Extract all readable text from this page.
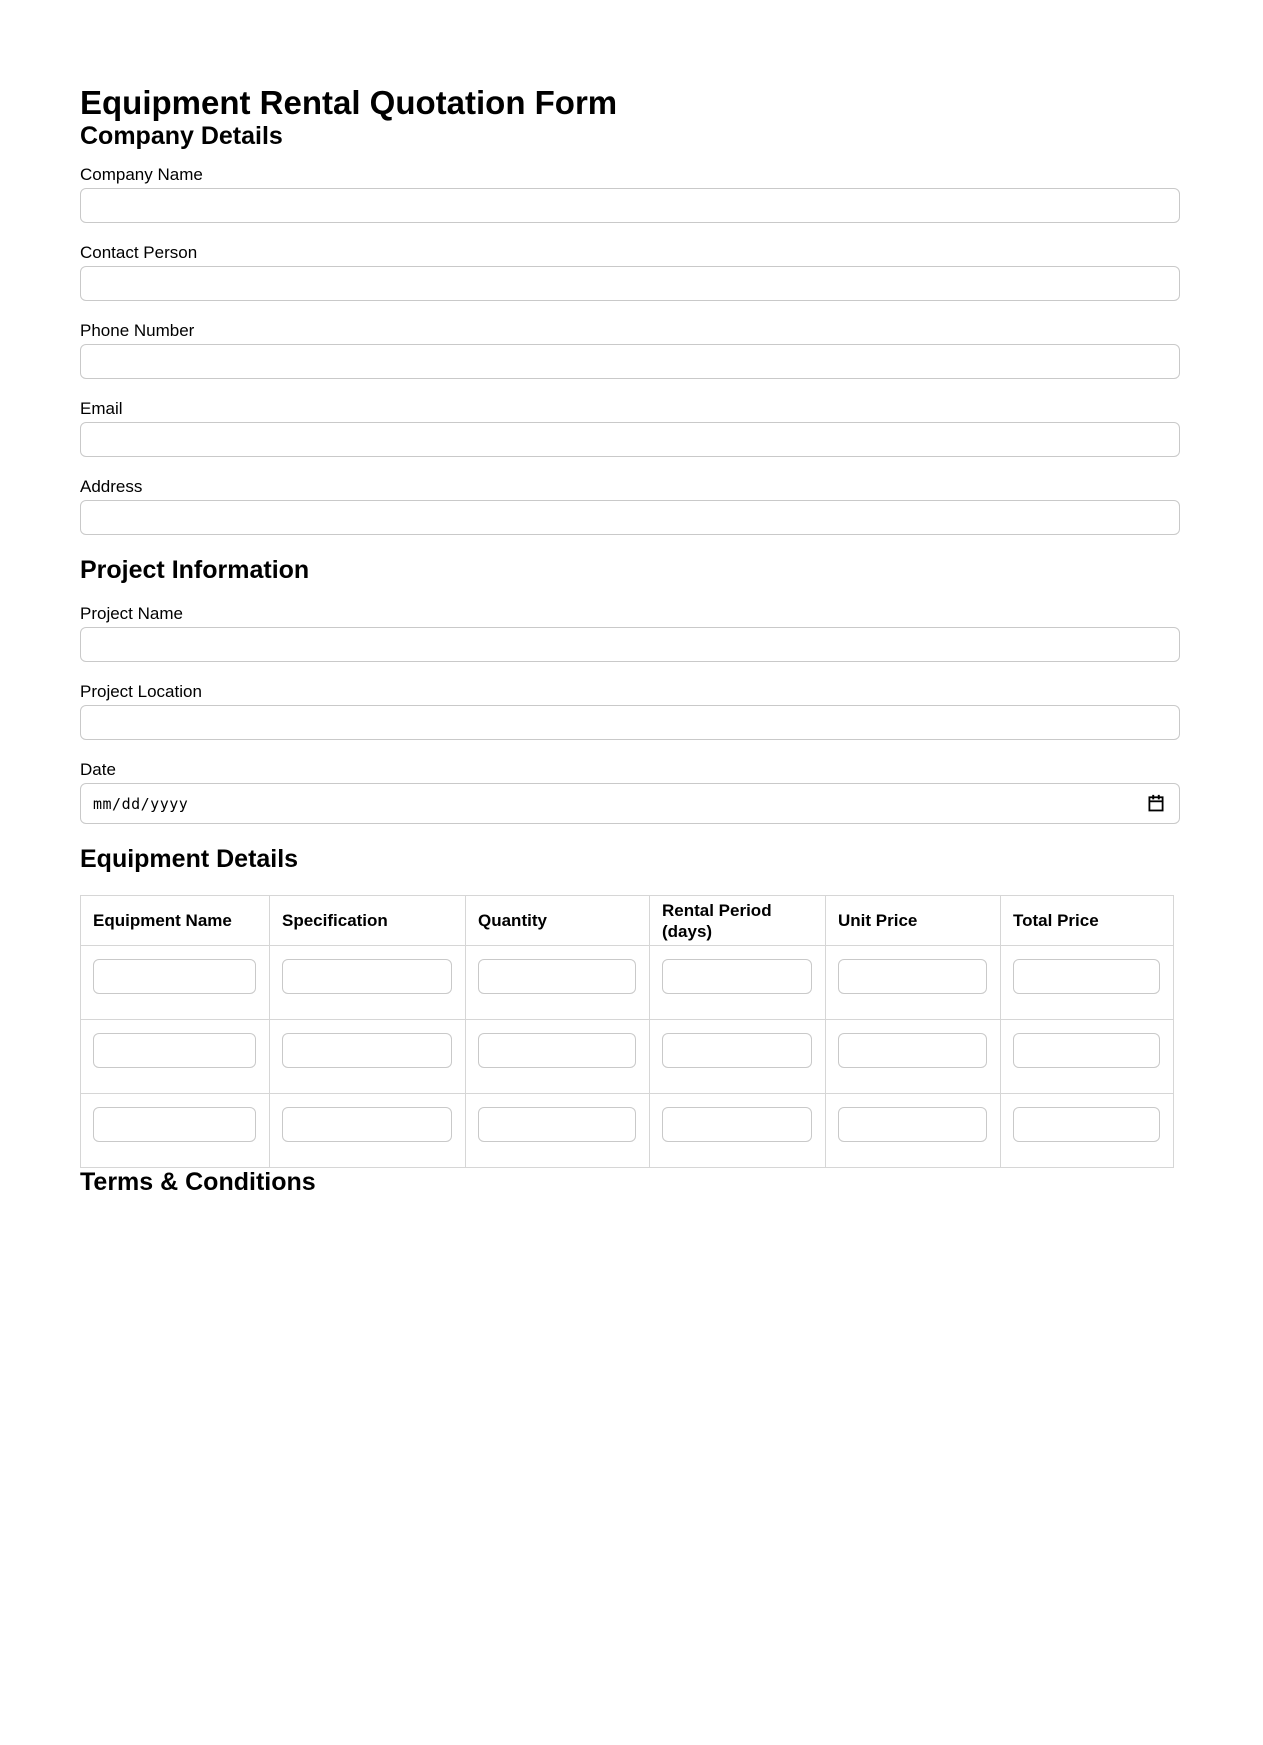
Equipment Rental Quotation Form
Company Details
Company Name
Contact Person
Phone Number
Email
Address
Project Information
Project Name
Project Location
Date
mm/dd/yyyy
Equipment Details
Equipment Name	Specification	Quantity	Rental Period (days)	Unit Price	Total Price

Terms & Conditions
